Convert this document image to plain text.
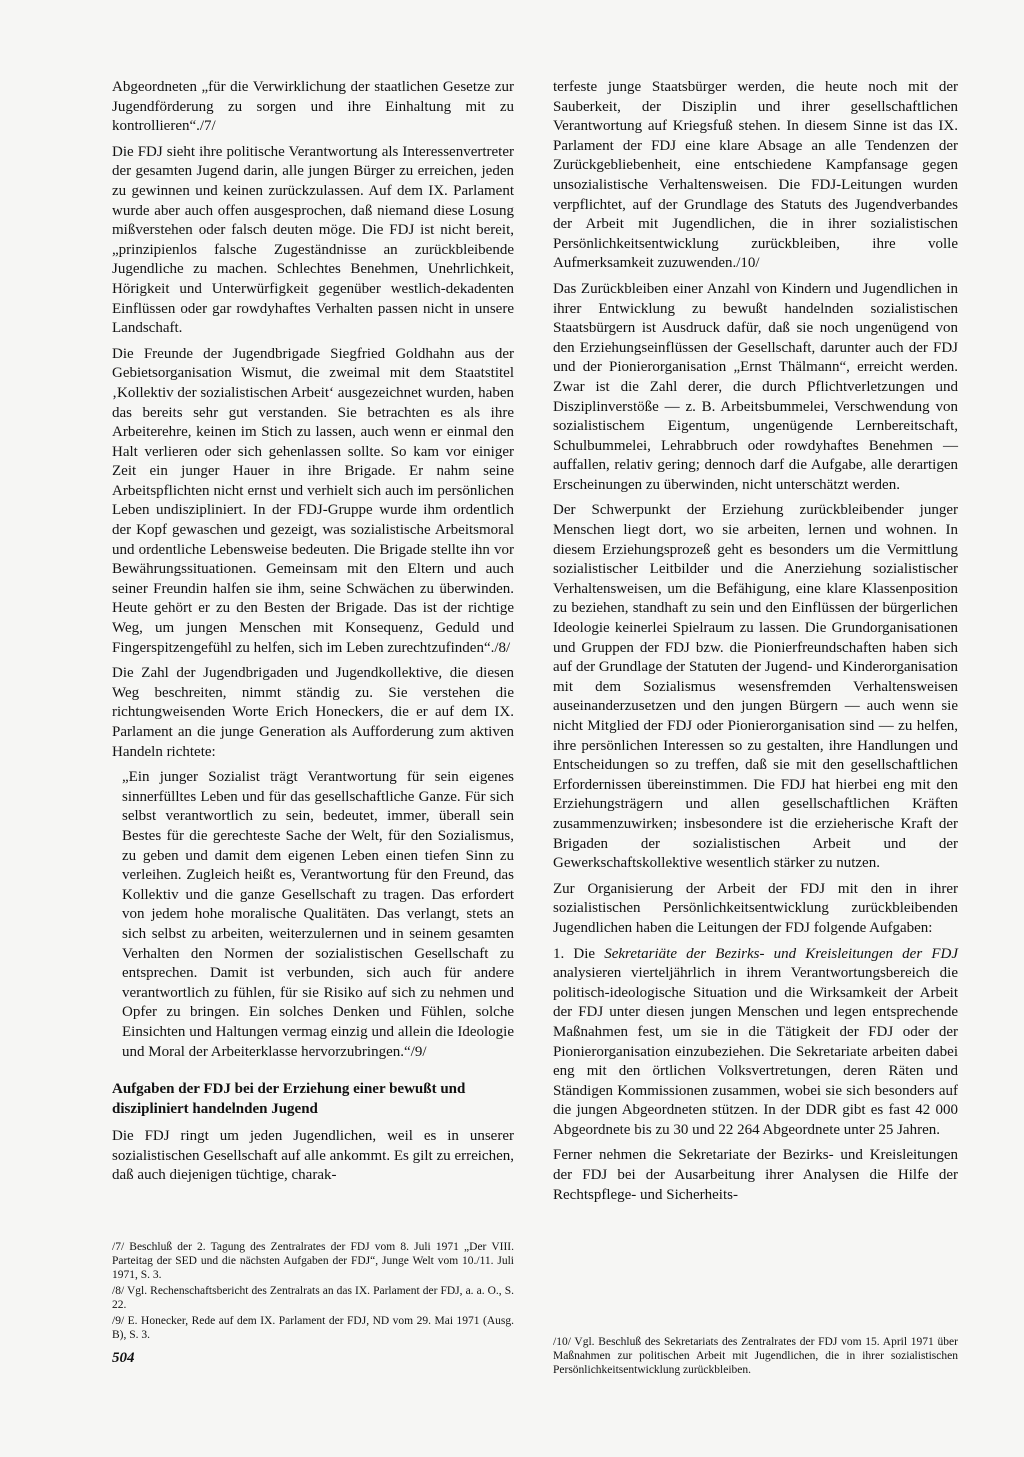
Abgeordneten „für die Verwirklichung der staatlichen Gesetze zur Jugendförderung zu sorgen und ihre Einhaltung mit zu kontrollieren“./7/

Die FDJ sieht ihre politische Verantwortung als Interessenvertreter der gesamten Jugend darin, alle jungen Bürger zu erreichen, jeden zu gewinnen und keinen zurückzulassen. Auf dem IX. Parlament wurde aber auch offen ausgesprochen, daß niemand diese Losung mißverstehen oder falsch deuten möge. Die FDJ ist nicht bereit, „prinzipienlos falsche Zugeständnisse an zurückbleibende Jugendliche zu machen. Schlechtes Benehmen, Unehrlichkeit, Hörigkeit und Unterwürfigkeit gegenüber westlich-dekadenten Einflüssen oder gar rowdyhaftes Verhalten passen nicht in unsere Landschaft.

Die Freunde der Jugendbrigade Siegfried Goldhahn aus der Gebietsorganisation Wismut, die zweimal mit dem Staatstitel ‚Kollektiv der sozialistischen Arbeit‘ ausgezeichnet wurden, haben das bereits sehr gut verstanden. Sie betrachten es als ihre Arbeiterehre, keinen im Stich zu lassen, auch wenn er einmal den Halt verlieren oder sich gehenlassen sollte. So kam vor einiger Zeit ein junger Hauer in ihre Brigade. Er nahm seine Arbeitspflichten nicht ernst und verhielt sich auch im persönlichen Leben undiszipliniert. In der FDJ-Gruppe wurde ihm ordentlich der Kopf gewaschen und gezeigt, was sozialistische Arbeitsmoral und ordentliche Lebensweise bedeuten. Die Brigade stellte ihn vor Bewährungssituationen. Gemeinsam mit den Eltern und auch seiner Freundin halfen sie ihm, seine Schwächen zu überwinden. Heute gehört er zu den Besten der Brigade. Das ist der richtige Weg, um jungen Menschen mit Konsequenz, Geduld und Fingerspitzengefühl zu helfen, sich im Leben zurechtzufinden“./8/

Die Zahl der Jugendbrigaden und Jugendkollektive, die diesen Weg beschreiten, nimmt ständig zu. Sie verstehen die richtungweisenden Worte Erich Honeckers, die er auf dem IX. Parlament an die junge Generation als Aufforderung zum aktiven Handeln richtete:

„Ein junger Sozialist trägt Verantwortung für sein eigenes sinnerfülltes Leben und für das gesellschaftliche Ganze. Für sich selbst verantwortlich zu sein, bedeutet, immer, überall sein Bestes für die gerechteste Sache der Welt, für den Sozialismus, zu geben und damit dem eigenen Leben einen tiefen Sinn zu verleihen. Zugleich heißt es, Verantwortung für den Freund, das Kollektiv und die ganze Gesellschaft zu tragen. Das erfordert von jedem hohe moralische Qualitäten. Das verlangt, stets an sich selbst zu arbeiten, weiterzulernen und in seinem gesamten Verhalten den Normen der sozialistischen Gesellschaft zu entsprechen. Damit ist verbunden, sich auch für andere verantwortlich zu fühlen, für sie Risiko auf sich zu nehmen und Opfer zu bringen. Ein solches Denken und Fühlen, solche Einsichten und Haltungen vermag einzig und allein die Ideologie und Moral der Arbeiterklasse hervorzubringen.“/9/

Aufgaben der FDJ bei der Erziehung einer bewußt und diszipliniert handelnden Jugend

Die FDJ ringt um jeden Jugendlichen, weil es in unserer sozialistischen Gesellschaft auf alle ankommt. Es gilt zu erreichen, daß auch diejenigen tüchtige, charak-

/7/ Beschluß der 2. Tagung des Zentralrates der FDJ vom 8. Juli 1971 „Der VIII. Parteitag der SED und die nächsten Aufgaben der FDJ“, Junge Welt vom 10./11. Juli 1971, S. 3.

/8/ Vgl. Rechenschaftsbericht des Zentralrats an das IX. Parlament der FDJ, a. a. O., S. 22.

/9/ E. Honecker, Rede auf dem IX. Parlament der FDJ, ND vom 29. Mai 1971 (Ausg. B), S. 3.

504

terfeste junge Staatsbürger werden, die heute noch mit der Sauberkeit, der Disziplin und ihrer gesellschaftlichen Verantwortung auf Kriegsfuß stehen. In diesem Sinne ist das IX. Parlament der FDJ eine klare Absage an alle Tendenzen der Zurückgebliebenheit, eine entschiedene Kampfansage gegen unsozialistische Verhaltensweisen. Die FDJ-Leitungen wurden verpflichtet, auf der Grundlage des Statuts des Jugendverbandes der Arbeit mit Jugendlichen, die in ihrer sozialistischen Persönlichkeitsentwicklung zurückbleiben, ihre volle Aufmerksamkeit zuzuwenden./10/

Das Zurückbleiben einer Anzahl von Kindern und Jugendlichen in ihrer Entwicklung zu bewußt handelnden sozialistischen Staatsbürgern ist Ausdruck dafür, daß sie noch ungenügend von den Erziehungseinflüssen der Gesellschaft, darunter auch der FDJ und der Pionierorganisation „Ernst Thälmann“, erreicht werden. Zwar ist die Zahl derer, die durch Pflichtverletzungen und Disziplinverstöße — z. B. Arbeitsbummelei, Verschwendung von sozialistischem Eigentum, ungenügende Lernbereitschaft, Schulbummelei, Lehrabbruch oder rowdyhaftes Benehmen — auffallen, relativ gering; dennoch darf die Aufgabe, alle derartigen Erscheinungen zu überwinden, nicht unterschätzt werden.

Der Schwerpunkt der Erziehung zurückbleibender junger Menschen liegt dort, wo sie arbeiten, lernen und wohnen. In diesem Erziehungsprozeß geht es besonders um die Vermittlung sozialistischer Leitbilder und die Anerziehung sozialistischer Verhaltensweisen, um die Befähigung, eine klare Klassenposition zu beziehen, standhaft zu sein und den Einflüssen der bürgerlichen Ideologie keinerlei Spielraum zu lassen. Die Grundorganisationen und Gruppen der FDJ bzw. die Pionierfreundschaften haben sich auf der Grundlage der Statuten der Jugend- und Kinderorganisation mit dem Sozialismus wesensfremden Verhaltensweisen auseinanderzusetzen und den jungen Bürgern — auch wenn sie nicht Mitglied der FDJ oder Pionierorganisation sind — zu helfen, ihre persönlichen Interessen so zu gestalten, ihre Handlungen und Entscheidungen so zu treffen, daß sie mit den gesellschaftlichen Erfordernissen übereinstimmen. Die FDJ hat hierbei eng mit den Erziehungsträgern und allen gesellschaftlichen Kräften zusammenzuwirken; insbesondere ist die erzieherische Kraft der Brigaden der sozialistischen Arbeit und der Gewerkschaftskollektive wesentlich stärker zu nutzen.

Zur Organisierung der Arbeit der FDJ mit den in ihrer sozialistischen Persönlichkeitsentwicklung zurückbleibenden Jugendlichen haben die Leitungen der FDJ folgende Aufgaben:

1. Die Sekretariäte der Bezirks- und Kreisleitungen der FDJ analysieren vierteljährlich in ihrem Verantwortungsbereich die politisch-ideologische Situation und die Wirksamkeit der Arbeit der FDJ unter diesen jungen Menschen und legen entsprechende Maßnahmen fest, um sie in die Tätigkeit der FDJ oder der Pionierorganisation einzubeziehen. Die Sekretariate arbeiten dabei eng mit den örtlichen Volksvertretungen, deren Räten und Ständigen Kommissionen zusammen, wobei sie sich besonders auf die jungen Abgeordneten stützen. In der DDR gibt es fast 42 000 Abgeordnete bis zu 30 und 22 264 Abgeordnete unter 25 Jahren.

Ferner nehmen die Sekretariate der Bezirks- und Kreisleitungen der FDJ bei der Ausarbeitung ihrer Analysen die Hilfe der Rechtspflege- und Sicherheits-

/10/ Vgl. Beschluß des Sekretariats des Zentralrates der FDJ vom 15. April 1971 über Maßnahmen zur politischen Arbeit mit Jugendlichen, die in ihrer sozialistischen Persönlichkeitsentwicklung zurückbleiben.
